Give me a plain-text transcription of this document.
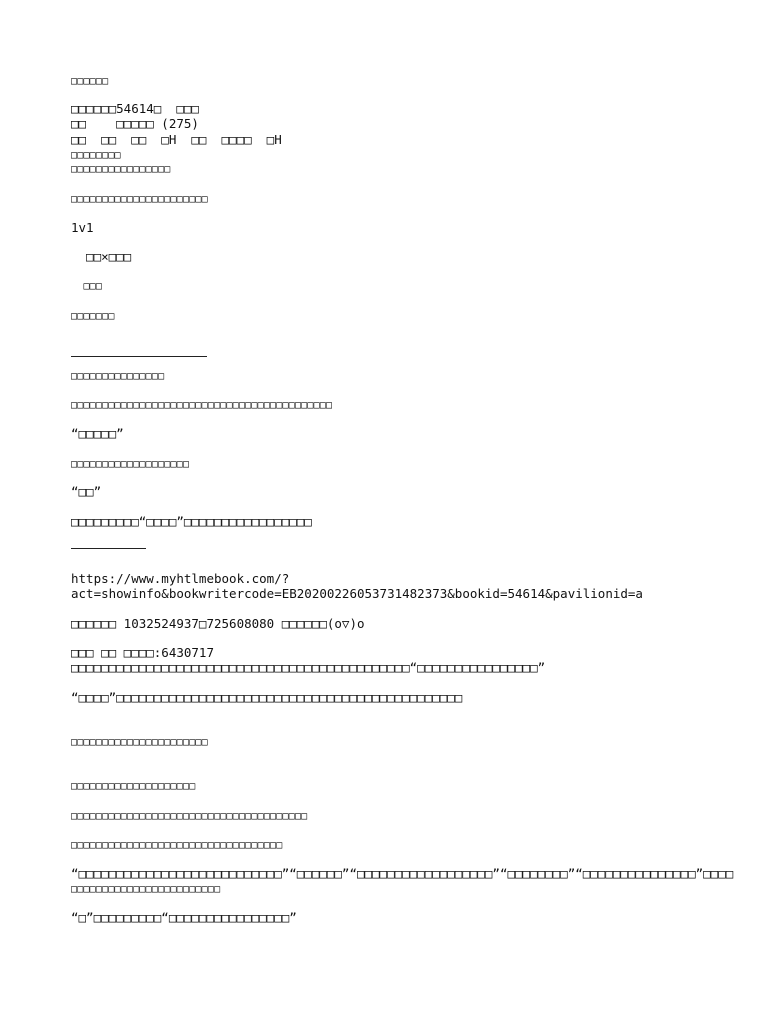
□□□□□□
□□□□□□54614□  □□□
□□    □□□□□ (275)
□□  □□  □□  □H  □□  □□□□  □H
□□□□□□□□
□□□□□□□□□□□□□□□□
□□□□□□□□□□□□□□□□□□□□□□
1v1
□□×□□□
□□□
□□□□□□□
□□□□□□□□□□□□□□□
□□□□□□□□□□□□□□□□□□□□□□□□□□□□□□□□□□□□□□□□□□
“□□□□□”
□□□□□□□□□□□□□□□□□□□
“□□”
□□□□□□□□□“□□□□”□□□□□□□□□□□□□□□□□
https://www.myhtlmebook.com/?
act=showinfo&bookwritercode=EB20200226053731482373&bookid=54614&pavilionid=a
□□□□□□ 1032524937□725608080 □□□□□□(o▽)o
□□□ □□ □□□□:6430717
□□□□□□□□□□□□□□□□□□□□□□□□□□□□□□□□□□□□□□□□□□□□□“□□□□□□□□□□□□□□□□”
“□□□□”□□□□□□□□□□□□□□□□□□□□□□□□□□□□□□□□□□□□□□□□□□□□□□
□□□□□□□□□□□□□□□□□□□□□□
□□□□□□□□□□□□□□□□□□□□
□□□□□□□□□□□□□□□□□□□□□□□□□□□□□□□□□□□□□□
□□□□□□□□□□□□□□□□□□□□□□□□□□□□□□□□□□
“□□□□□□□□□□□□□□□□□□□□□□□□□□□”“□□□□□□”“□□□□□□□□□□□□□□□□□□”“□□□□□□□□”“□□□□□□□□□□□□□□□”□□□□
□□□□□□□□□□□□□□□□□□□□□□□□
“□”□□□□□□□□□“□□□□□□□□□□□□□□□□”
